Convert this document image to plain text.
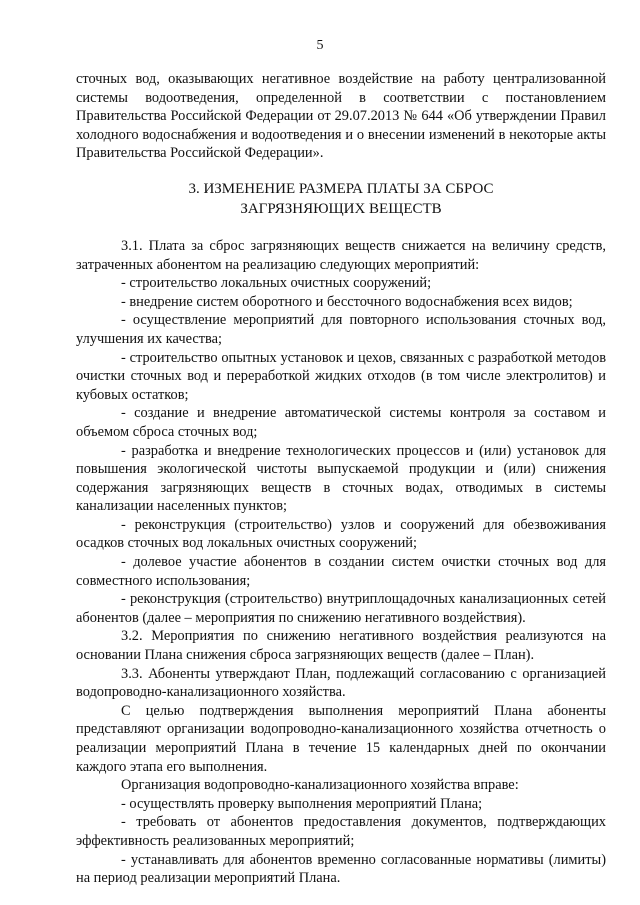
5

сточных вод, оказывающих негативное воздействие на работу централизованной системы водоотведения, определенной в соответствии с постановлением Правительства Российской Федерации от 29.07.2013 № 644 «Об утверждении Правил холодного водоснабжения и водоотведения и о внесении изменений в некоторые акты Правительства Российской Федерации».

3. ИЗМЕНЕНИЕ РАЗМЕРА ПЛАТЫ ЗА СБРОС
ЗАГРЯЗНЯЮЩИХ ВЕЩЕСТВ

3.1. Плата за сброс загрязняющих веществ снижается на величину средств, затраченных абонентом на реализацию следующих мероприятий:

- строительство локальных очистных сооружений;

- внедрение систем оборотного и бессточного водоснабжения всех видов;

- осуществление мероприятий для повторного использования сточных вод, улучшения их качества;

- строительство опытных установок и цехов, связанных с разработкой методов очистки сточных вод и переработкой жидких отходов (в том числе электролитов) и кубовых остатков;

- создание и внедрение автоматической системы контроля за составом и объемом сброса сточных вод;

- разработка и внедрение технологических процессов и (или) установок для повышения экологической чистоты выпускаемой продукции и (или) снижения содержания загрязняющих веществ в сточных водах, отводимых в системы канализации населенных пунктов;

- реконструкция (строительство) узлов и сооружений для обезвоживания осадков сточных вод локальных очистных сооружений;

- долевое участие абонентов в создании систем очистки сточных вод для совместного использования;

- реконструкция (строительство) внутриплощадочных канализационных сетей абонентов (далее – мероприятия по снижению негативного воздействия).

3.2. Мероприятия по снижению негативного воздействия реализуются на основании Плана снижения сброса загрязняющих веществ (далее – План).

3.3. Абоненты утверждают План, подлежащий согласованию с организацией водопроводно-канализационного хозяйства.

С целью подтверждения выполнения мероприятий Плана абоненты представляют организации водопроводно-канализационного хозяйства отчетность о реализации мероприятий Плана в течение 15 календарных дней по окончании каждого этапа его выполнения.

Организация водопроводно-канализационного хозяйства вправе:

- осуществлять проверку выполнения мероприятий Плана;

- требовать от абонентов предоставления документов, подтверждающих эффективность реализованных мероприятий;

- устанавливать для абонентов временно согласованные нормативы (лимиты) на период реализации мероприятий Плана.
